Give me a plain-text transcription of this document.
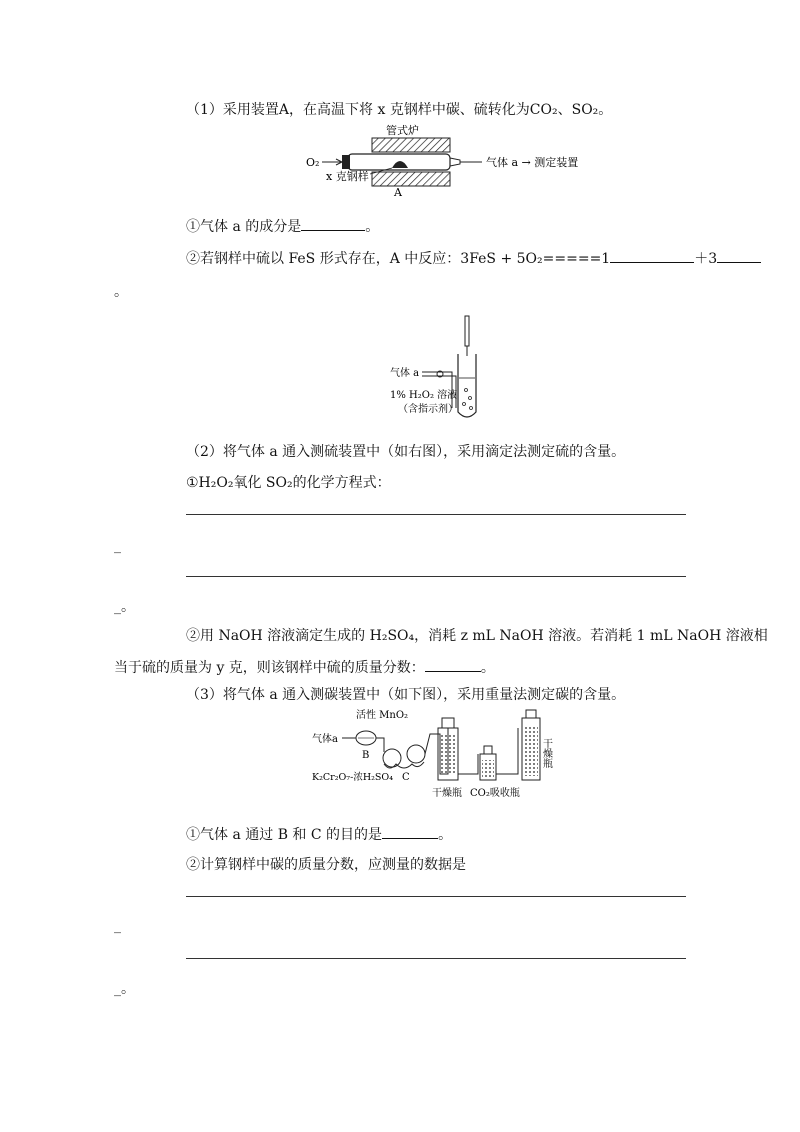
（1）采用装置A，在高温下将 x 克钢样中碳、硫转化为CO₂、SO₂。
管式炉
O₂	气体 a → 测定装置
x 克钢样
A
①气体 a 的成分是	。
②若钢样中硫以 FeS 形式存在，A 中反应：3FeS + 5O₂=====1	＋3
。
气体 a
1% H₂O₂ 溶液
（含指示剂）
（2）将气体 a 通入测硫装置中（如右图），采用滴定法测定硫的含量。
①H₂O₂氧化 SO₂的化学方程式：
_
_。
②用 NaOH 溶液滴定生成的 H₂SO₄，消耗 z mL NaOH 溶液。若消耗 1 mL NaOH 溶液相
当于硫的质量为 y 克，则该钢样中硫的质量分数：	。
（3）将气体 a 通入测碳装置中（如下图），采用重量法测定碳的含量。
活性 MnO₂
气体a
B
K₂Cr₂O₇-浓H₂SO₄ C
干燥瓶 CO₂吸收瓶
干燥瓶
①气体 a 通过 B 和 C 的目的是	。
②计算钢样中碳的质量分数，应测量的数据是
_
_。
